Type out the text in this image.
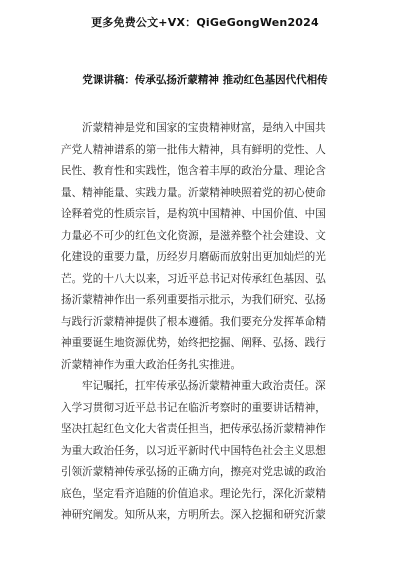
更多免费公文+VX：QiGeGongWen2024
党课讲稿：传承弘扬沂蒙精神 推动红色基因代代相传
沂蒙精神是党和国家的宝贵精神财富，是纳入中国共
产党人精神谱系的第一批伟大精神，具有鲜明的党性、人
民性、教育性和实践性，饱含着丰厚的政治分量、理论含
量、精神能量、实践力量。沂蒙精神映照着党的初心使命
诠释着党的性质宗旨，是构筑中国精神、中国价值、中国
力量必不可少的红色文化资源，是滋养整个社会建设、文
化建设的重要力量，历经岁月磨砺而放射出更加灿烂的光
芒。党的十八大以来，习近平总书记对传承红色基因、弘
扬沂蒙精神作出一系列重要指示批示，为我们研究、弘扬
与践行沂蒙精神提供了根本遵循。我们要充分发挥革命精
神重要诞生地资源优势，始终把挖掘、阐释、弘扬、践行
沂蒙精神作为重大政治任务扎实推进。
牢记嘱托，扛牢传承弘扬沂蒙精神重大政治责任。深
入学习贯彻习近平总书记在临沂考察时的重要讲话精神，
坚决扛起红色文化大省责任担当，把传承弘扬沂蒙精神作
为重大政治任务，以习近平新时代中国特色社会主义思想
引领沂蒙精神传承弘扬的正确方向，擦亮对党忠诚的政治
底色，坚定看齐追随的价值追求。理论先行，深化沂蒙精
神研究阐发。知所从来，方明所去。深入挖掘和研究沂蒙
